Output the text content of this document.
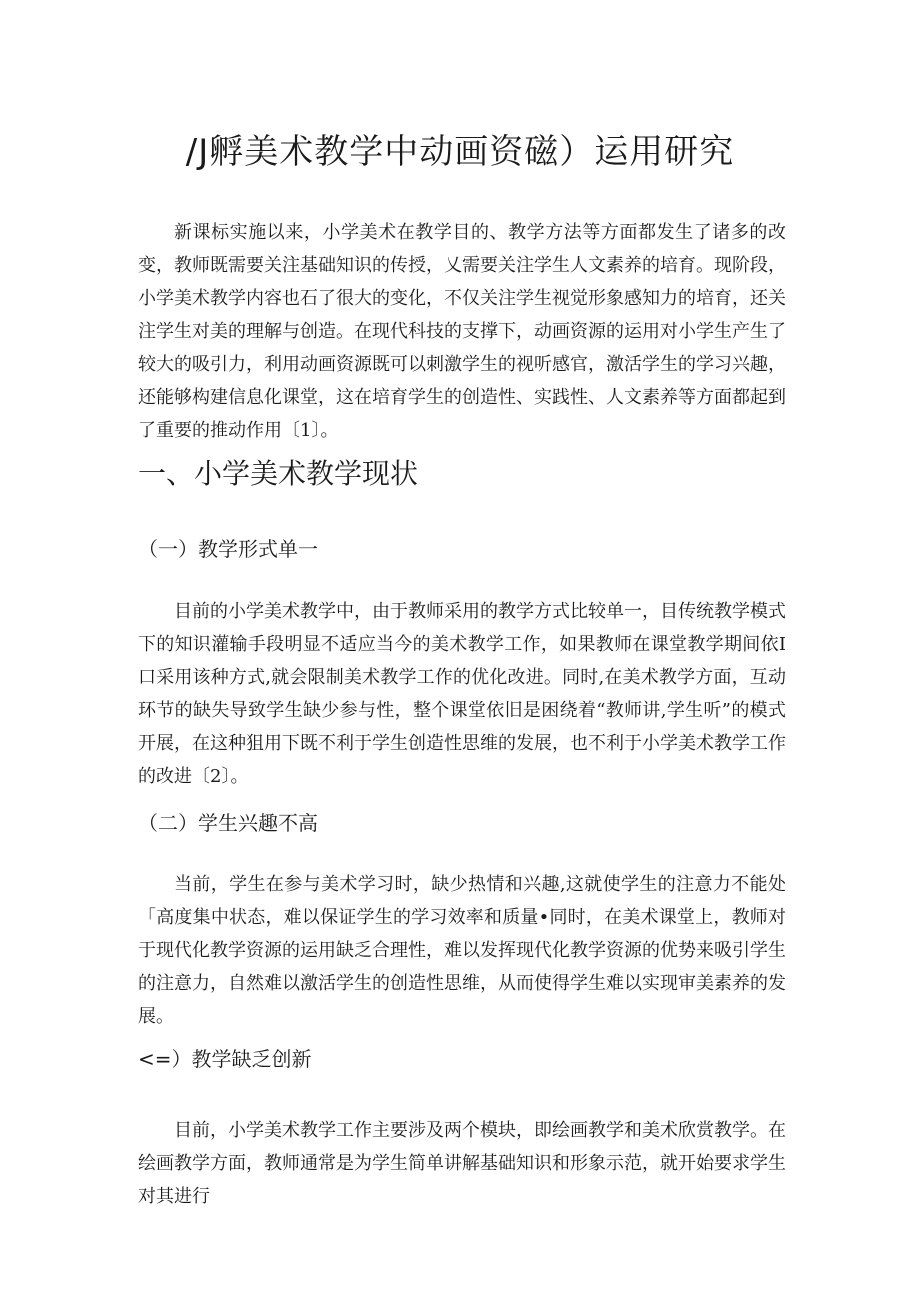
/J孵美术教学中动画资磁）运用研究

新课标实施以来，小学美术在教学目的、教学方法等方面都发生了诸多的改变，教师既需要关注基础知识的传授，乂需要关注学生人文素养的培育。现阶段，小学美术教学内容也石了很大的变化，不仅关注学生视觉形象感知力的培育，还关注学生对美的理解与创造。在现代科技的支撑下，动画资源的运用对小学生产生了较大的吸引力，利用动画资源既可以刺激学生的视听感官，激活学生的学习兴趣，还能够构建信息化课堂，这在培育学生的创造性、实践性、人文素养等方面都起到了重要的推动作用〔1〕。

一、小学美术教学现状
（一）教学形式单一

目前的小学美术教学中，由于教师采用的教学方式比较单一，目传统教学模式下的知识灌输手段明显不适应当今的美术教学工作，如果教师在课堂教学期间依Ⅰ口采用该种方式,就会限制美术教学工作的优化改进。同时,在美术教学方面，互动环节的缺失导致学生缺少参与性，整个课堂依旧是困绕着“教师讲,学生听”的模式开展，在这种狙用下既不利于学生创造性思维的发展，也不利于小学美术教学工作的改进〔2〕。

（二）学生兴趣不高

当前，学生在参与美术学习时，缺少热情和兴趣,这就使学生的注意力不能处「高度集中状态，难以保证学生的学习效率和质量•同时，在美术课堂上，教师对于现代化教学资源的运用缺乏合理性，难以发挥现代化教学资源的优势来吸引学生的注意力，自然难以激活学生的创造性思维，从而使得学生难以实现审美素养的发展。

<=）教学缺乏创新

目前，小学美术教学工作主要涉及两个模块，即绘画教学和美术欣赏教学。在绘画教学方面，教师通常是为学生简单讲解基础知识和形象示范，就开始要求学生对其进行
